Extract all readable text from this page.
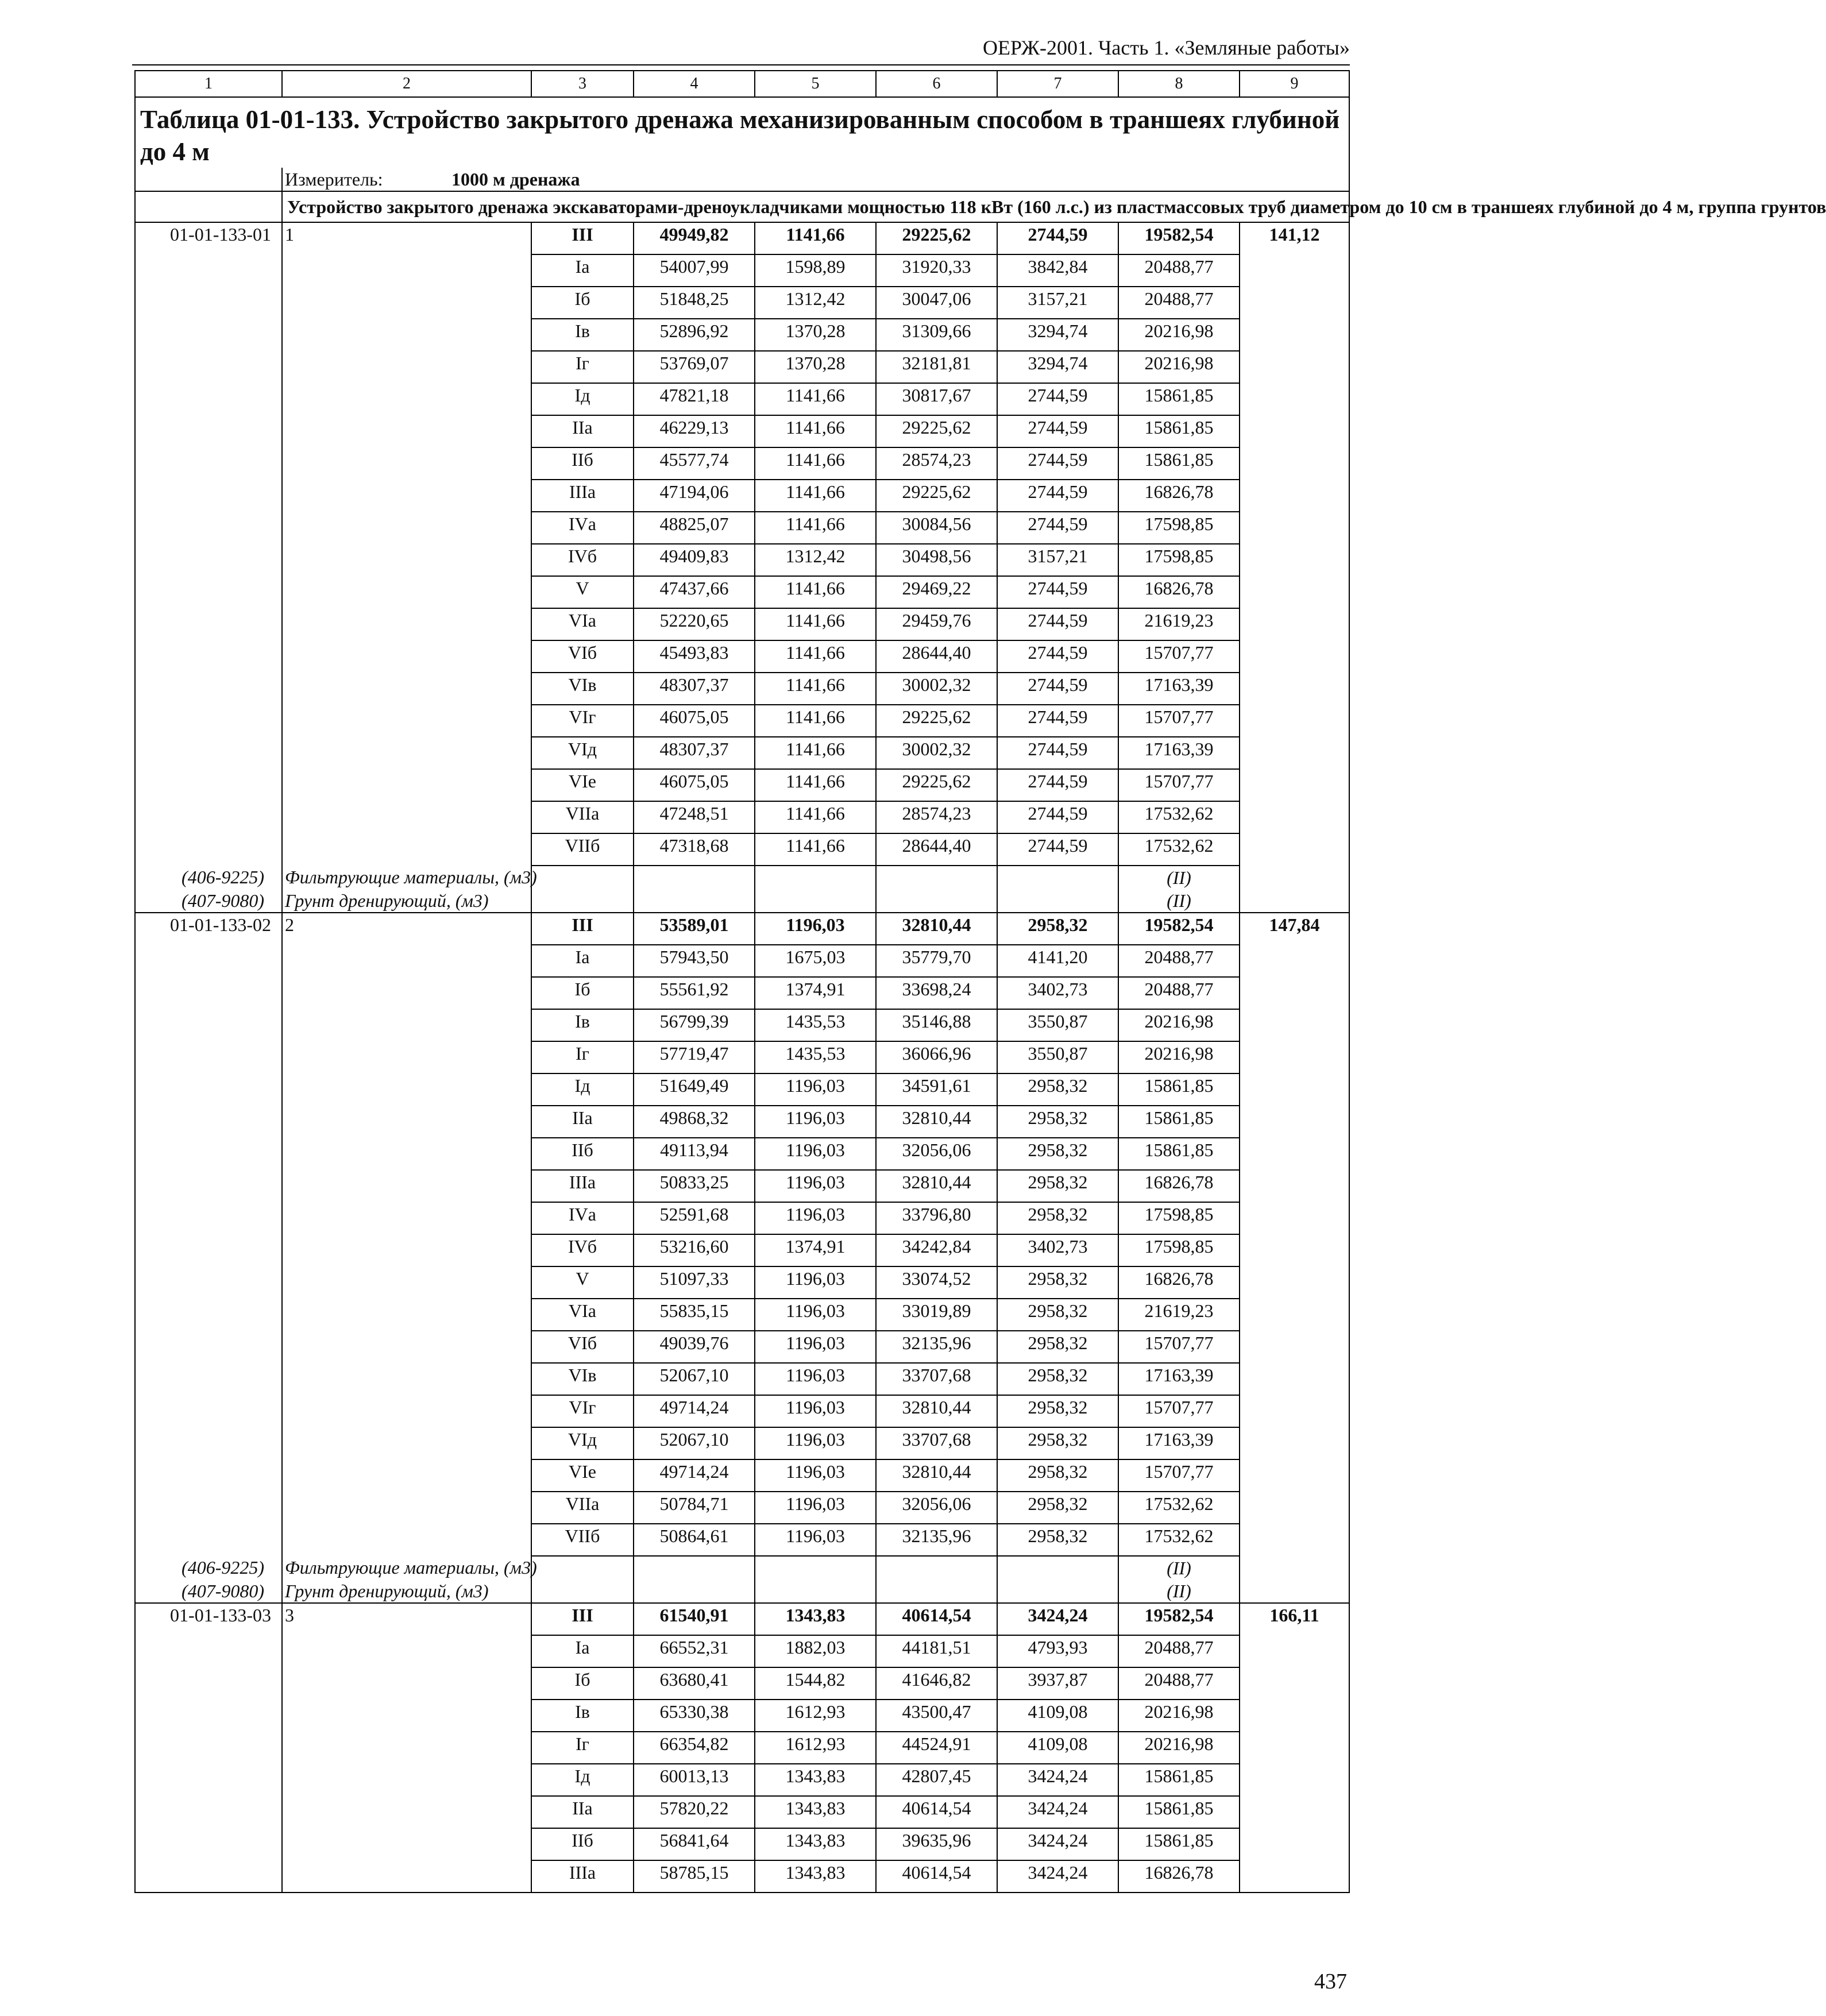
ОЕРЖ-2001. Часть 1. «Земляные работы»
1	2	3	4	5	6	7	8	9

Таблица 01-01-133. Устройство закрытого дренажа механизированным способом в траншеях глубиной до 4 м								

	Измеритель: 1000 м дренажа							
	Устройство закрытого дренажа экскаваторами-дреноукладчиками мощностью 118 кВт (160 л.с.) из пластмассовых труб диаметром до 10 см в траншеях глубиной до 4 м, группа грунтов							
01-01-133-01	1	III	49949,82	1141,66	29225,62	2744,59	19582,54	141,12
		Iа	54007,99	1598,89	31920,33	3842,84	20488,77	
		Iб	51848,25	1312,42	30047,06	3157,21	20488,77	
		Iв	52896,92	1370,28	31309,66	3294,74	20216,98	
		Iг	53769,07	1370,28	32181,81	3294,74	20216,98	
		Iд	47821,18	1141,66	30817,67	2744,59	15861,85	
		IIа	46229,13	1141,66	29225,62	2744,59	15861,85	
		IIб	45577,74	1141,66	28574,23	2744,59	15861,85	
		IIIа	47194,06	1141,66	29225,62	2744,59	16826,78	
		IVа	48825,07	1141,66	30084,56	2744,59	17598,85	
		IVб	49409,83	1312,42	30498,56	3157,21	17598,85	
		V	47437,66	1141,66	29469,22	2744,59	16826,78	
		VIа	52220,65	1141,66	29459,76	2744,59	21619,23	
		VIб	45493,83	1141,66	28644,40	2744,59	15707,77	
		VIв	48307,37	1141,66	30002,32	2744,59	17163,39	
		VIг	46075,05	1141,66	29225,62	2744,59	15707,77	
		VIд	48307,37	1141,66	30002,32	2744,59	17163,39	
		VIе	46075,05	1141,66	29225,62	2744,59	15707,77	
		VIIа	47248,51	1141,66	28574,23	2744,59	17532,62	
		VIIб	47318,68	1141,66	28644,40	2744,59	17532,62	
(406-9225)	Фильтрующие материалы, (м3)						(II)	
(407-9080)	Грунт дренирующий, (м3)						(II)	
01-01-133-02	2	III	53589,01	1196,03	32810,44	2958,32	19582,54	147,84
		Iа	57943,50	1675,03	35779,70	4141,20	20488,77	
		Iб	55561,92	1374,91	33698,24	3402,73	20488,77	
		Iв	56799,39	1435,53	35146,88	3550,87	20216,98	
		Iг	57719,47	1435,53	36066,96	3550,87	20216,98	
		Iд	51649,49	1196,03	34591,61	2958,32	15861,85	
		IIа	49868,32	1196,03	32810,44	2958,32	15861,85	
		IIб	49113,94	1196,03	32056,06	2958,32	15861,85	
		IIIа	50833,25	1196,03	32810,44	2958,32	16826,78	
		IVа	52591,68	1196,03	33796,80	2958,32	17598,85	
		IVб	53216,60	1374,91	34242,84	3402,73	17598,85	
		V	51097,33	1196,03	33074,52	2958,32	16826,78	
		VIа	55835,15	1196,03	33019,89	2958,32	21619,23	
		VIб	49039,76	1196,03	32135,96	2958,32	15707,77	
		VIв	52067,10	1196,03	33707,68	2958,32	17163,39	
		VIг	49714,24	1196,03	32810,44	2958,32	15707,77	
		VIд	52067,10	1196,03	33707,68	2958,32	17163,39	
		VIе	49714,24	1196,03	32810,44	2958,32	15707,77	
		VIIа	50784,71	1196,03	32056,06	2958,32	17532,62	
		VIIб	50864,61	1196,03	32135,96	2958,32	17532,62	
(406-9225)	Фильтрующие материалы, (м3)						(II)	
(407-9080)	Грунт дренирующий, (м3)						(II)	
01-01-133-03	3	III	61540,91	1343,83	40614,54	3424,24	19582,54	166,11
		Iа	66552,31	1882,03	44181,51	4793,93	20488,77	
		Iб	63680,41	1544,82	41646,82	3937,87	20488,77	
		Iв	65330,38	1612,93	43500,47	4109,08	20216,98	
		Iг	66354,82	1612,93	44524,91	4109,08	20216,98	
		Iд	60013,13	1343,83	42807,45	3424,24	15861,85	
		IIа	57820,22	1343,83	40614,54	3424,24	15861,85	
		IIб	56841,64	1343,83	39635,96	3424,24	15861,85	
		IIIа	58785,15	1343,83	40614,54	3424,24	16826,78	
437
